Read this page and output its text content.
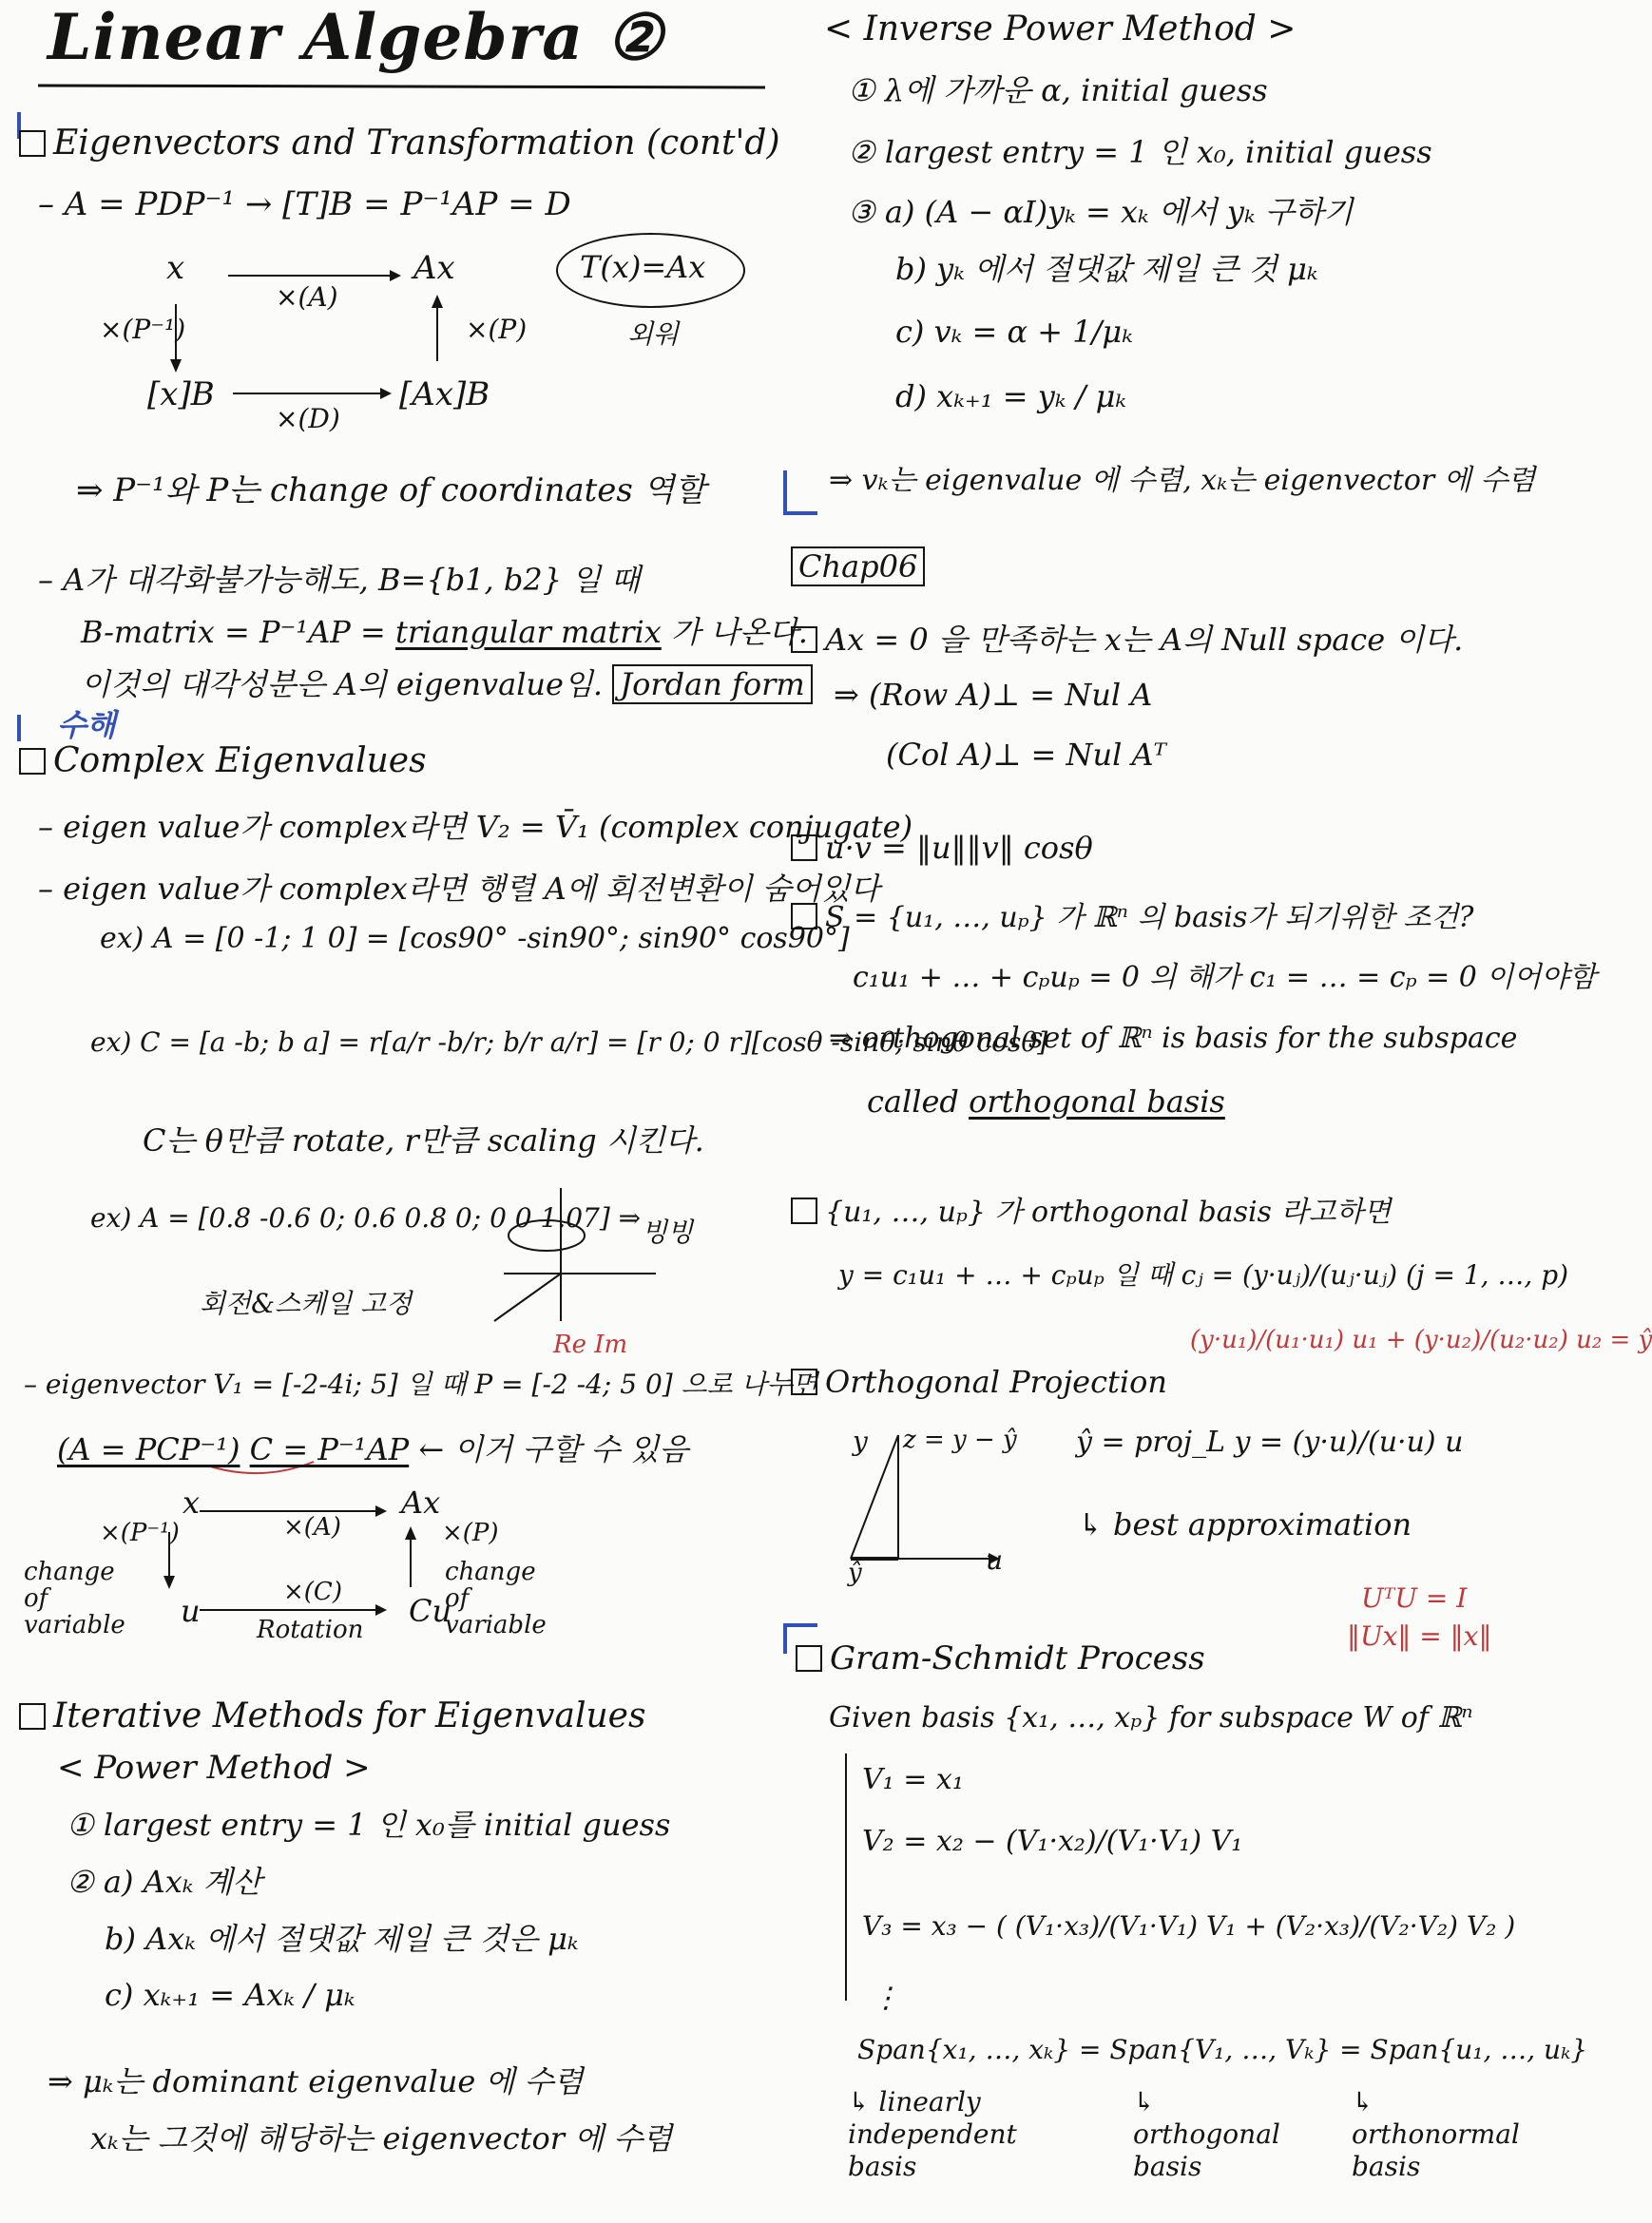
Linear Algebra ②
Eigenvectors and Transformation (cont'd)
– A = PDP⁻¹ → [T]B = P⁻¹AP = D
T(x)=Ax
외워
x	Ax
[x]B	[Ax]B
×(A)
×(P⁻¹)	×(P)
×(D)
⇒ P⁻¹와 P는 change of coordinates 역할
– A가 대각화불가능해도, B={b1, b2} 일 때
B-matrix = P⁻¹AP = triangular matrix 가 나온다.
이것의 대각성분은 A의 eigenvalue임. Jordan form
수해
Complex Eigenvalues
– eigen value가 complex라면 V₂ = V̄₁ (complex conjugate)
– eigen value가 complex라면 행렬 A에 회전변환이 숨어있다
ex) A = [0 -1; 1 0] = [cos90° -sin90°; sin90° cos90°]
ex) C = [a -b; b a] = r[a/r -b/r; b/r a/r] = [r 0; 0 r][cosθ -sinθ; sinθ cosθ]
C는 θ만큼 rotate, r만큼 scaling 시킨다.
ex) A = [0.8 -0.6 0; 0.6 0.8 0; 0 0 1.07] ⇒
회전&스케일 고정
빙빙
Re Im
– eigenvector V₁ = [-2-4i; 5] 일 때 P = [-2 -4; 5 0] 으로 나누면
(A = PCP⁻¹) C = P⁻¹AP ← 이거 구할 수 있음
x	Ax
u	Cu
×(A)
×(P⁻¹)	×(P)
×(C)
Rotation
change of variable
change of variable
Iterative Methods for Eigenvalues
< Power Method >
① largest entry = 1 인 x₀를 initial guess
② a) Axₖ 계산
b) Axₖ 에서 절댓값 제일 큰 것은 μₖ
c) xₖ₊₁ = Axₖ / μₖ
⇒ μₖ는 dominant eigenvalue 에 수렴
xₖ는 그것에 해당하는 eigenvector 에 수렴
< Inverse Power Method >
① λ에 가까운 α, initial guess
② largest entry = 1 인 x₀, initial guess
③ a) (A − αI)yₖ = xₖ 에서 yₖ 구하기
b) yₖ 에서 절댓값 제일 큰 것 μₖ
c) vₖ = α + 1/μₖ
d) xₖ₊₁ = yₖ / μₖ
⇒ vₖ는 eigenvalue 에 수렴, xₖ는 eigenvector 에 수렴
Chap06
Ax = 0 을 만족하는 x는 A의 Null space 이다.
⇒ (Row A)⊥ = Nul A
(Col A)⊥ = Nul Aᵀ
u·v = ‖u‖‖v‖ cosθ
S = {u₁, …, uₚ} 가 ℝⁿ 의 basis가 되기위한 조건?
c₁u₁ + … + cₚuₚ = 0 의 해가 c₁ = … = cₚ = 0 이어야함
⇒ orthogonal set of ℝⁿ is basis for the subspace
called orthogonal basis
{u₁, …, uₚ} 가 orthogonal basis 라고하면
y = c₁u₁ + … + cₚuₚ 일 때 cⱼ = (y·uⱼ)/(uⱼ·uⱼ) (j = 1, …, p)
(y·u₁)/(u₁·u₁) u₁ + (y·u₂)/(u₂·u₂) u₂ = ŷ
Orthogonal Projection
ŷ = proj_L y = (y·u)/(u·u) u
↳ best approximation
y z = y − ŷ
u
ŷ
UᵀU = I
‖Ux‖ = ‖x‖
Gram-Schmidt Process
Given basis {x₁, …, xₚ} for subspace W of ℝⁿ
V₁ = x₁
V₂ = x₂ − (V₁·x₂)/(V₁·V₁) V₁
V₃ = x₃ − ( (V₁·x₃)/(V₁·V₁) V₁ + (V₂·x₃)/(V₂·V₂) V₂ )
⋮
Span{x₁, …, xₖ} = Span{V₁, …, Vₖ} = Span{u₁, …, uₖ}
↳ linearly independent basis
↳ orthogonal basis
↳ orthonormal basis
